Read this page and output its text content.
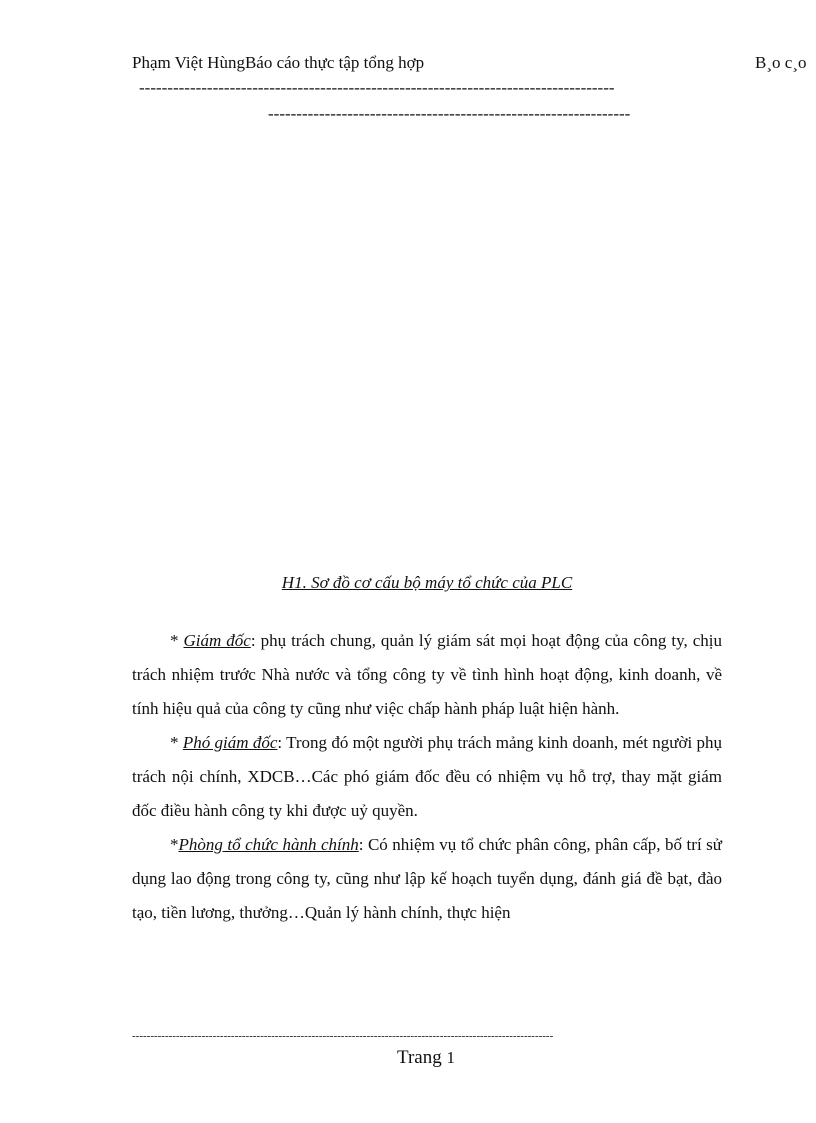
Phạm Việt HùngBáo cáo thực tập tổng hợp	B¸o c¸o
------------------------------------------------------------------------------------
----------------------------------------------------------------
H1. Sơ đồ cơ cấu bộ máy tổ chức của PLC

* Giám đốc: phụ trách chung, quản lý giám sát mọi hoạt động của công ty, chịu trách nhiệm trước Nhà nước và tổng công ty về tình hình hoạt động, kinh doanh, về tính hiệu quả của công ty cũng như việc chấp hành pháp luật hiện hành.

* Phó giám đốc: Trong đó một người phụ trách mảng kinh doanh, mét người phụ trách nội chính, XDCB…Các phó giám đốc đều có nhiệm vụ hỗ trợ, thay mặt giám đốc điều hành công ty khi được uỷ quyền.

*Phòng tổ chức hành chính: Có nhiệm vụ tổ chức phân công, phân cấp, bố trí sử dụng lao động trong công ty, cũng như lập kế hoạch tuyển dụng, đánh giá đề bạt, đào tạo, tiền lương, thưởng…Quản lý hành chính, thực hiện

-------------------------------------------------------------------------------------------------------------------
Trang 1
